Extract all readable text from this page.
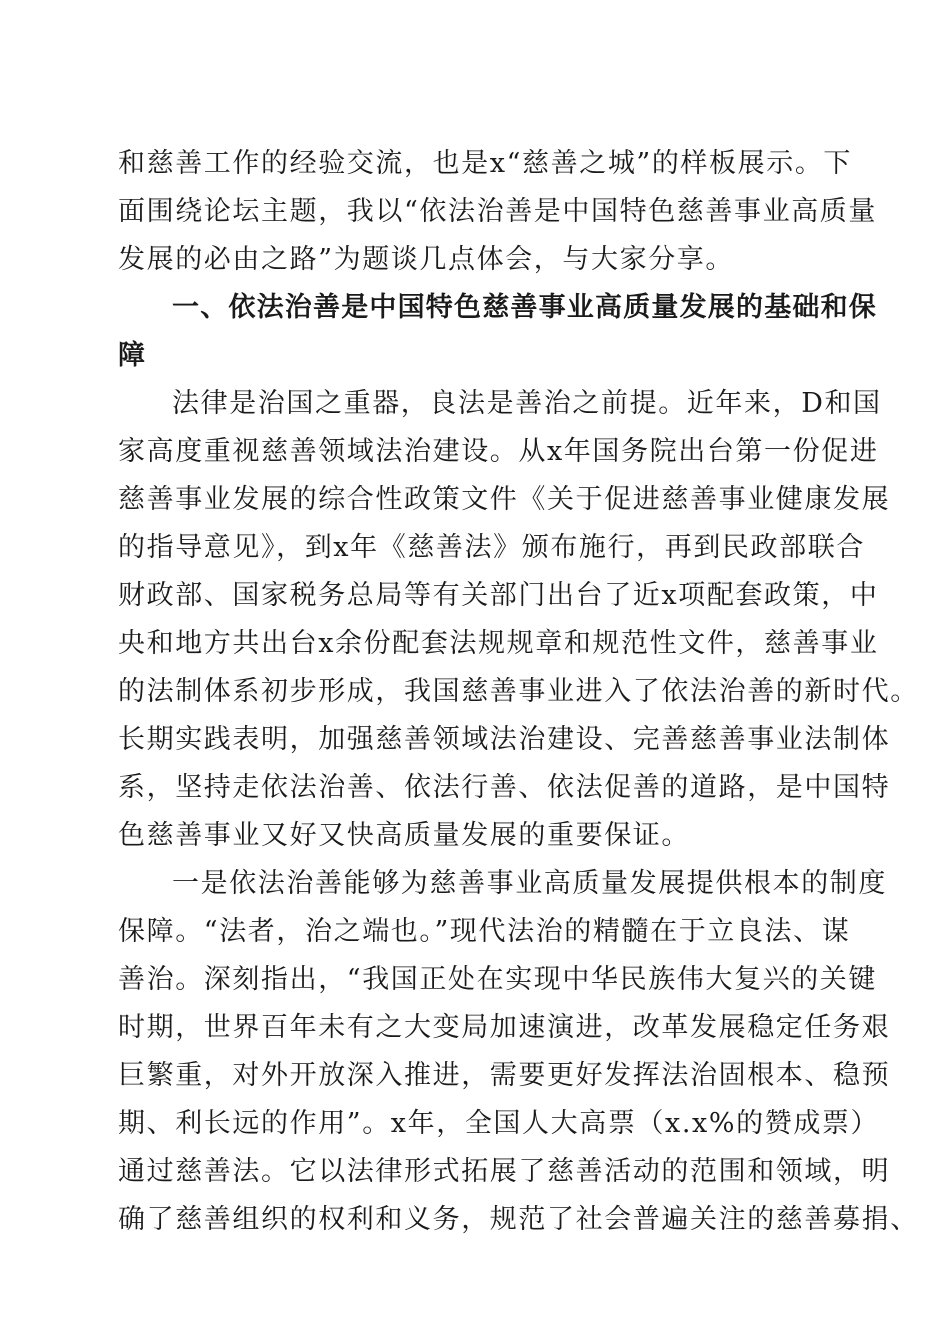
和慈善工作的经验交流，也是x“慈善之城”的样板展示。下
面围绕论坛主题，我以“依法治善是中国特色慈善事业高质量
发展的必由之路”为题谈几点体会，与大家分享。
一、依法治善是中国特色慈善事业高质量发展的基础和保
障
法律是治国之重器，良法是善治之前提。近年来，D和国
家高度重视慈善领域法治建设。从x年国务院出台第一份促进
慈善事业发展的综合性政策文件《关于促进慈善事业健康发展
的指导意见》，到x年《慈善法》颁布施行，再到民政部联合
财政部、国家税务总局等有关部门出台了近x项配套政策，中
央和地方共出台x余份配套法规规章和规范性文件，慈善事业
的法制体系初步形成，我国慈善事业进入了依法治善的新时代。
长期实践表明，加强慈善领域法治建设、完善慈善事业法制体
系，坚持走依法治善、依法行善、依法促善的道路，是中国特
色慈善事业又好又快高质量发展的重要保证。
一是依法治善能够为慈善事业高质量发展提供根本的制度
保障。“法者，治之端也。”现代法治的精髓在于立良法、谋
善治。深刻指出，“我国正处在实现中华民族伟大复兴的关键
时期，世界百年未有之大变局加速演进，改革发展稳定任务艰
巨繁重，对外开放深入推进，需要更好发挥法治固根本、稳预
期、利长远的作用”。x年，全国人大高票（x.x%的赞成票）
通过慈善法。它以法律形式拓展了慈善活动的范围和领域，明
确了慈善组织的权利和义务，规范了社会普遍关注的慈善募捐、
